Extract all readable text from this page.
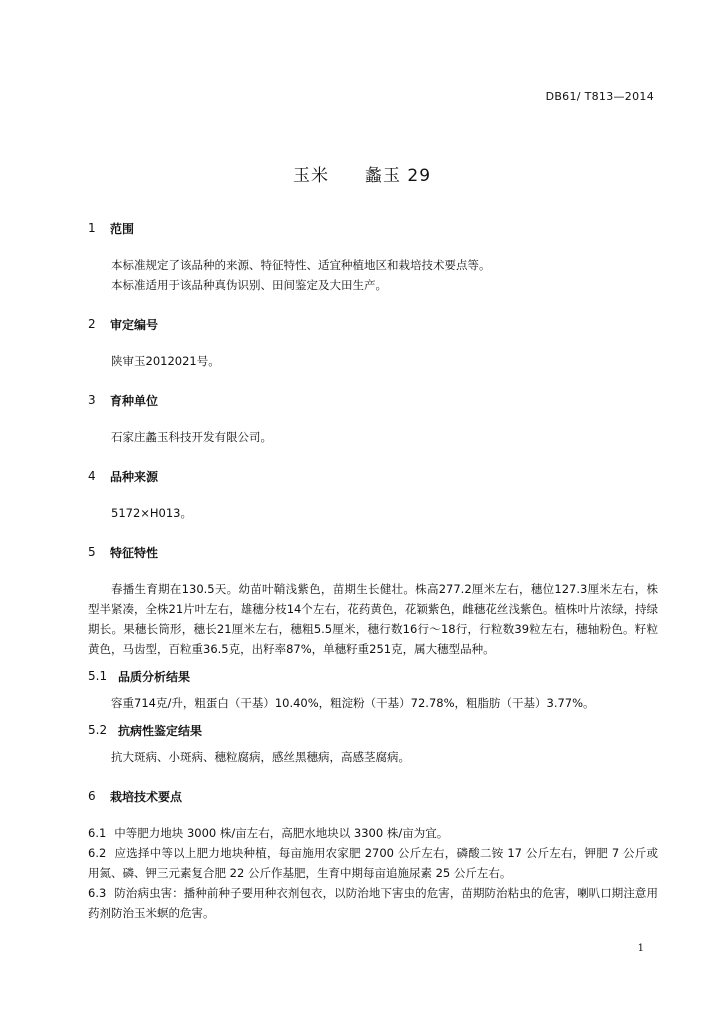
DB61/ T813—2014
玉米 蠡玉 29
1	范围
本标准规定了该品种的来源、特征特性、适宜种植地区和栽培技术要点等。
本标准适用于该品种真伪识别、田间鉴定及大田生产。
2	审定编号
陕审玉2012021号。
3	育种单位
石家庄蠡玉科技开发有限公司。
4	品种来源
5172×H013。
5	特征特性
春播生育期在130.5天。幼苗叶鞘浅紫色，苗期生长健壮。株高277.2厘米左右，穗位127.3厘米左右，株型半紧凑，全株21片叶左右，雄穗分枝14个左右，花药黄色，花颖紫色，雌穗花丝浅紫色。植株叶片浓绿，持绿期长。果穗长筒形，穗长21厘米左右，穗粗5.5厘米，穗行数16行～18行，行粒数39粒左右，穗轴粉色。籽粒黄色，马齿型，百粒重36.5克，出籽率87%，单穗籽重251克，属大穗型品种。
5.1 品质分析结果
容重714克/升，粗蛋白（干基）10.40%，粗淀粉（干基）72.78%，粗脂肪（干基）3.77%。
5.2 抗病性鉴定结果
抗大斑病、小斑病、穗粒腐病，感丝黑穗病，高感茎腐病。
6	栽培技术要点
6.1 中等肥力地块 3000 株/亩左右，高肥水地块以 3300 株/亩为宜。
6.2 应选择中等以上肥力地块种植，每亩施用农家肥 2700 公斤左右，磷酸二铵 17 公斤左右，钾肥 7 公斤或用氮、磷、钾三元素复合肥 22 公斤作基肥，生育中期每亩追施尿素 25 公斤左右。
6.3 防治病虫害：播种前种子要用种衣剂包衣，以防治地下害虫的危害，苗期防治粘虫的危害，喇叭口期注意用药剂防治玉米螟的危害。
1
